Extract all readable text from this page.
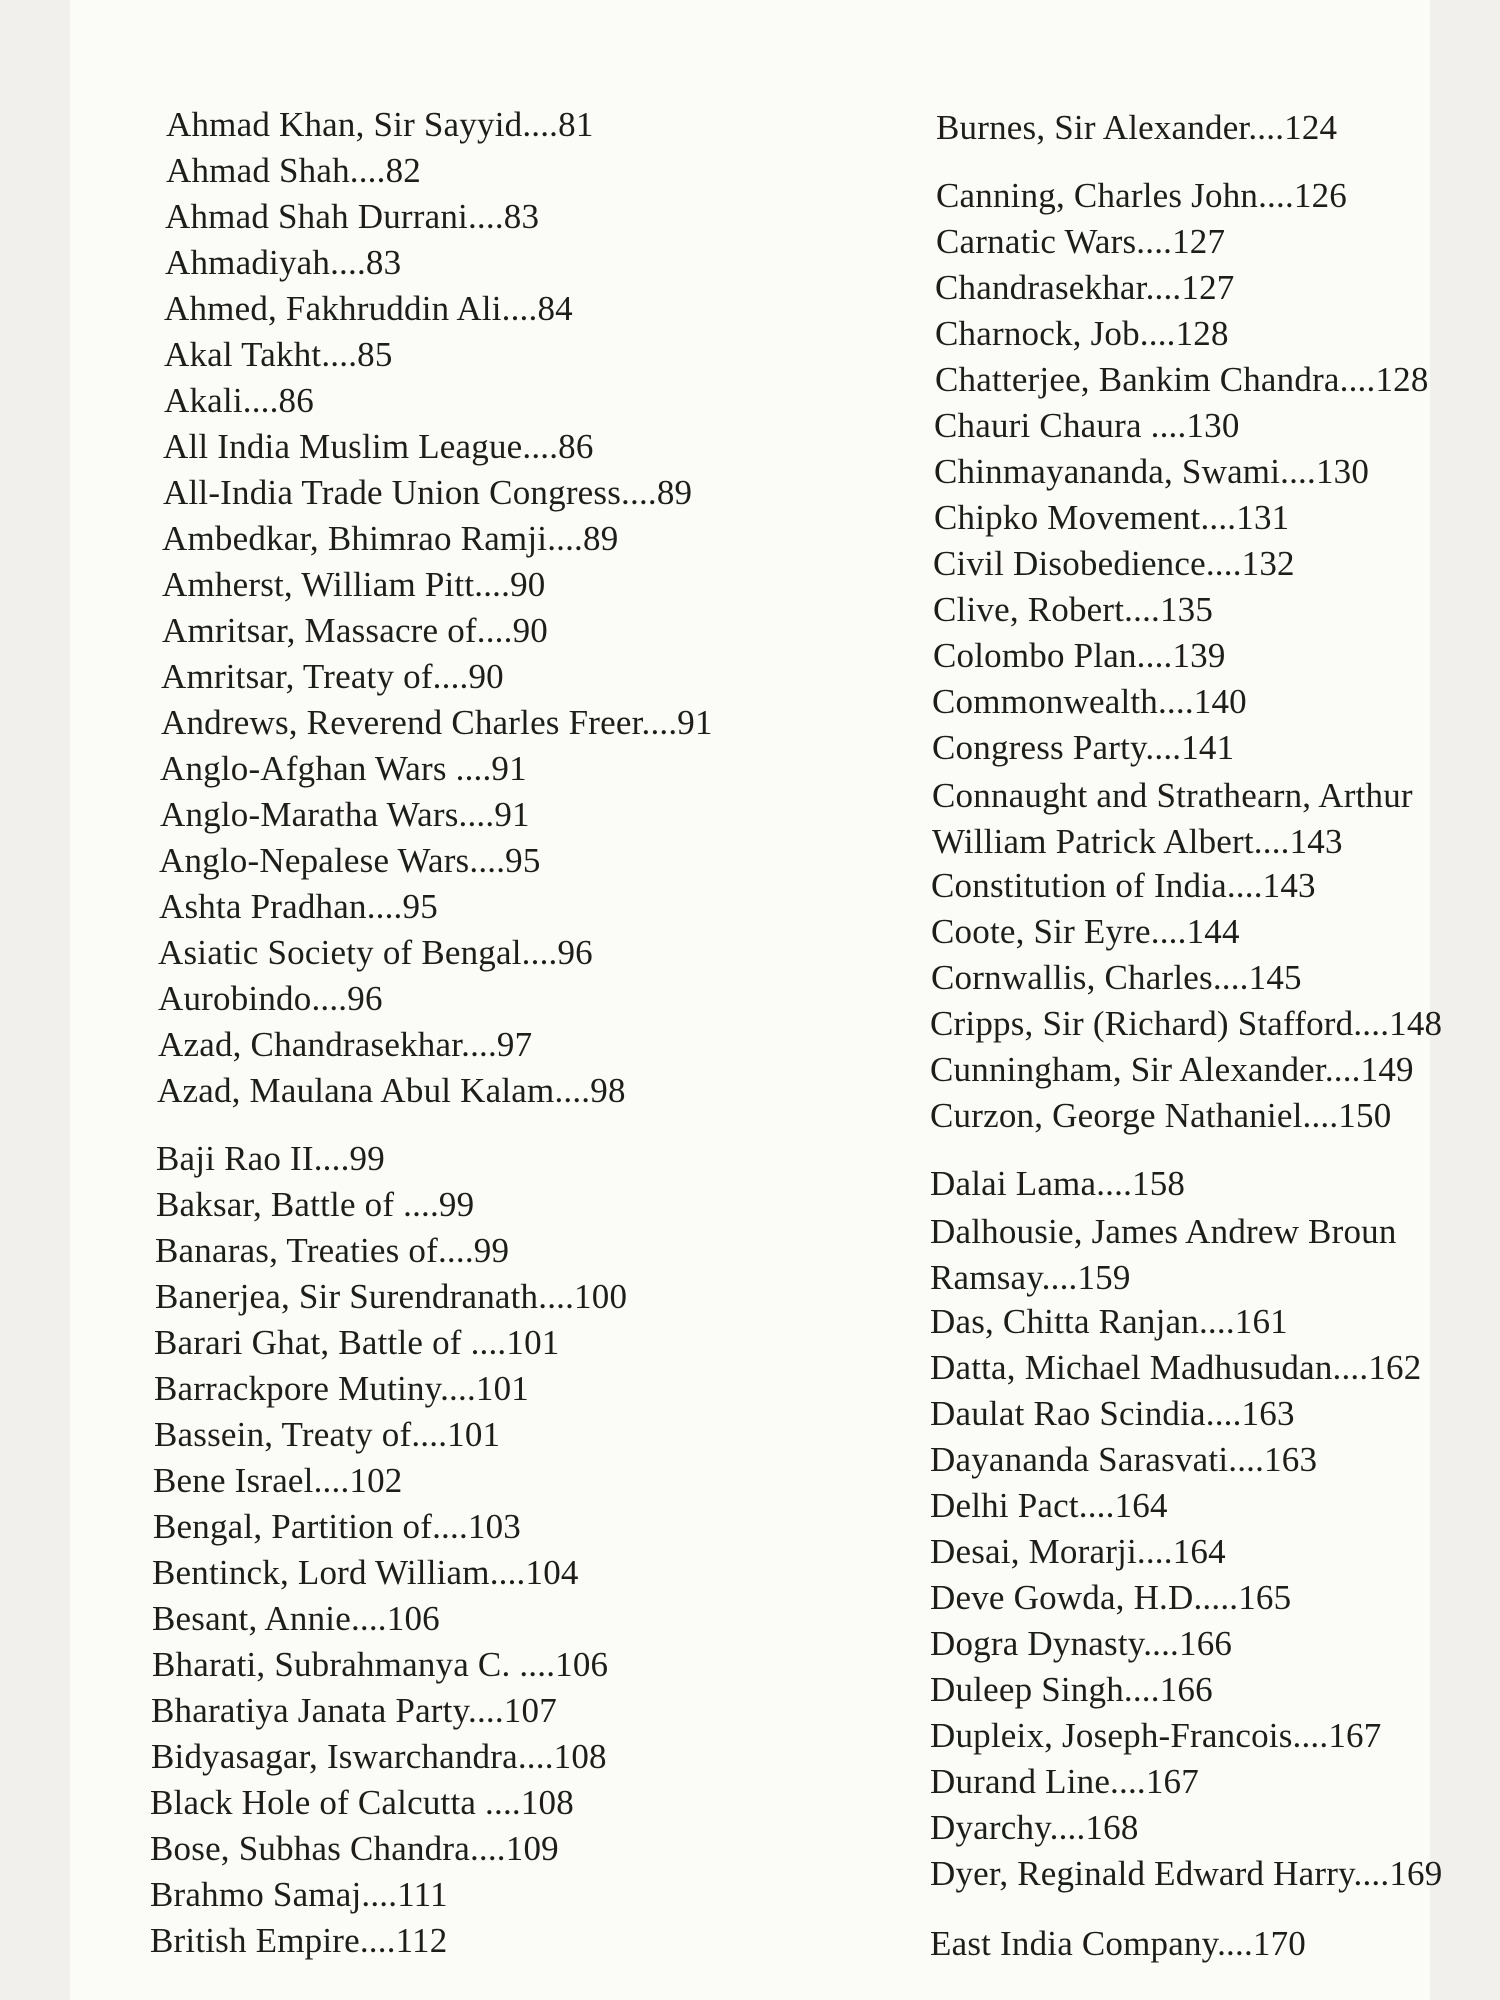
Ahmad Khan, Sir Sayyid....81
Ahmad Shah....82
Ahmad Shah Durrani....83
Ahmadiyah....83
Ahmed, Fakhruddin Ali....84
Akal Takht....85
Akali....86
All India Muslim League....86
All-India Trade Union Congress....89
Ambedkar, Bhimrao Ramji....89
Amherst, William Pitt....90
Amritsar, Massacre of....90
Amritsar, Treaty of....90
Andrews, Reverend Charles Freer....91
Anglo-Afghan Wars ....91
Anglo-Maratha Wars....91
Anglo-Nepalese Wars....95
Ashta Pradhan....95
Asiatic Society of Bengal....96
Aurobindo....96
Azad, Chandrasekhar....97
Azad, Maulana Abul Kalam....98
Baji Rao II....99
Baksar, Battle of ....99
Banaras, Treaties of....99
Banerjea, Sir Surendranath....100
Barari Ghat, Battle of ....101
Barrackpore Mutiny....101
Bassein, Treaty of....101
Bene Israel....102
Bengal, Partition of....103
Bentinck, Lord William....104
Besant, Annie....106
Bharati, Subrahmanya C. ....106
Bharatiya Janata Party....107
Bidyasagar, Iswarchandra....108
Black Hole of Calcutta ....108
Bose, Subhas Chandra....109
Brahmo Samaj....111
British Empire....112
Burnes, Sir Alexander....124
Canning, Charles John....126
Carnatic Wars....127
Chandrasekhar....127
Charnock, Job....128
Chatterjee, Bankim Chandra....128
Chauri Chaura ....130
Chinmayananda, Swami....130
Chipko Movement....131
Civil Disobedience....132
Clive, Robert....135
Colombo Plan....139
Commonwealth....140
Congress Party....141
Connaught and Strathearn, Arthur William Patrick Albert....143
Constitution of India....143
Coote, Sir Eyre....144
Cornwallis, Charles....145
Cripps, Sir (Richard) Stafford....148
Cunningham, Sir Alexander....149
Curzon, George Nathaniel....150
Dalai Lama....158
Dalhousie, James Andrew Broun Ramsay....159
Das, Chitta Ranjan....161
Datta, Michael Madhusudan....162
Daulat Rao Scindia....163
Dayananda Sarasvati....163
Delhi Pact....164
Desai, Morarji....164
Deve Gowda, H.D.....165
Dogra Dynasty....166
Duleep Singh....166
Dupleix, Joseph-Francois....167
Durand Line....167
Dyarchy....168
Dyer, Reginald Edward Harry....169
East India Company....170
